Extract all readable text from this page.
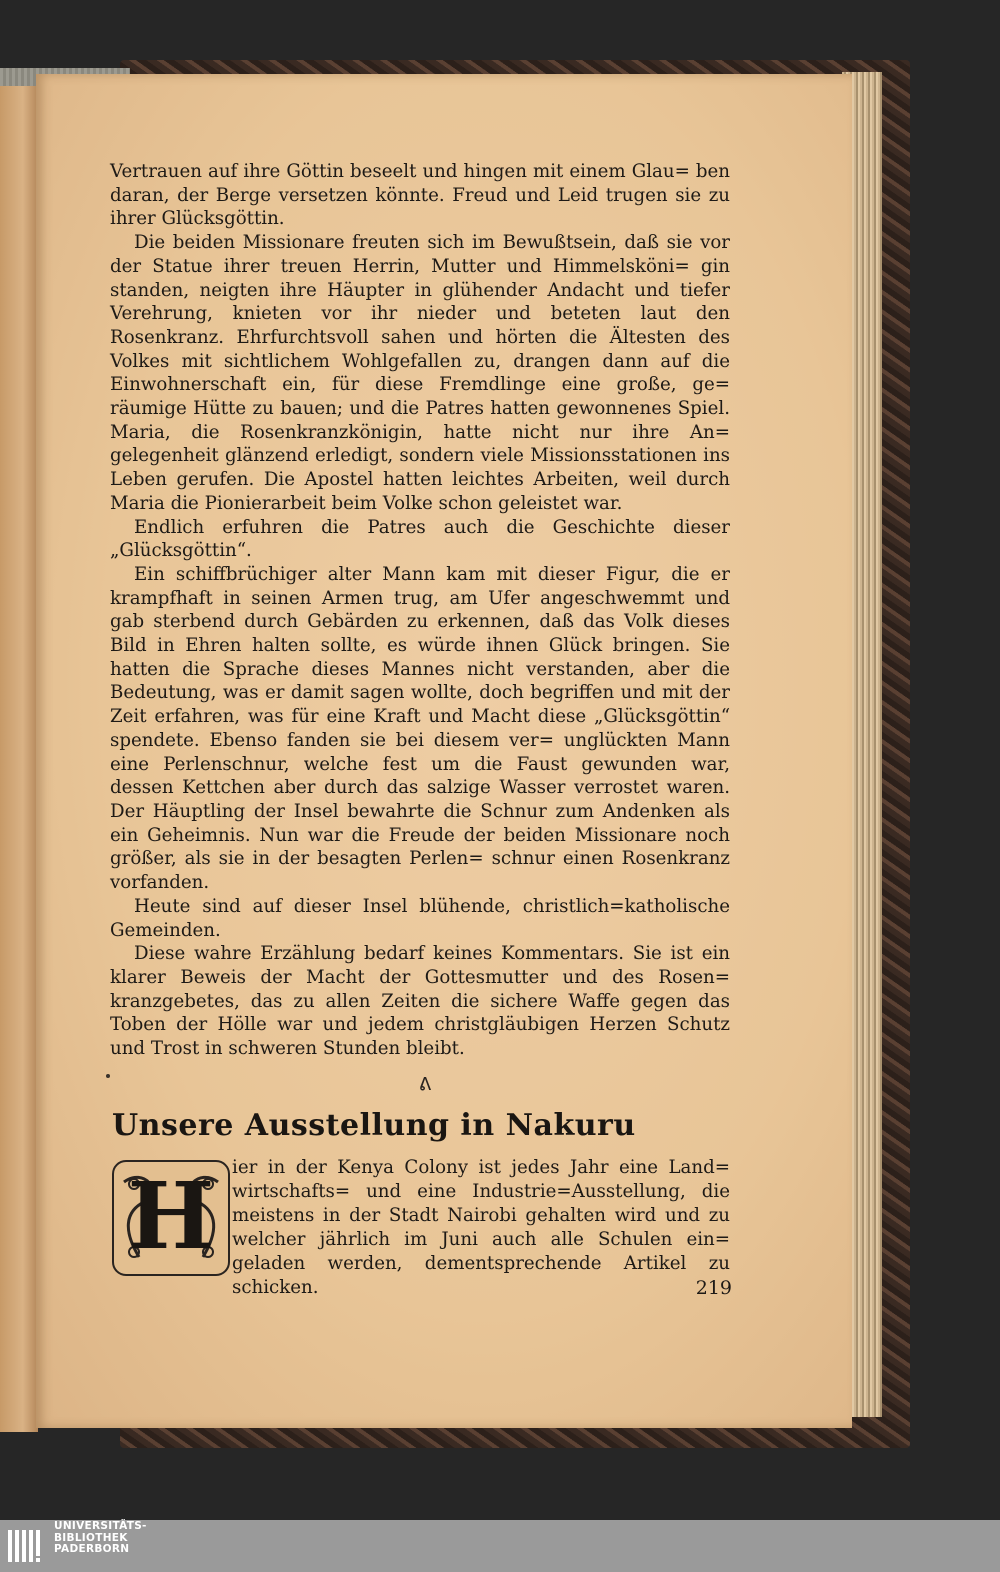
Vertrauen auf ihre Göttin beseelt und hingen mit einem Glau= ben daran, der Berge versetzen könnte. Freud und Leid trugen sie zu ihrer Glücksgöttin.

Die beiden Missionare freuten sich im Bewußtsein, daß sie vor der Statue ihrer treuen Herrin, Mutter und Himmelsköni= gin standen, neigten ihre Häupter in glühender Andacht und tiefer Verehrung, knieten vor ihr nieder und beteten laut den Rosenkranz. Ehrfurchtsvoll sahen und hörten die Ältesten des Volkes mit sichtlichem Wohlgefallen zu, drangen dann auf die Einwohnerschaft ein, für diese Fremdlinge eine große, ge= räumige Hütte zu bauen; und die Patres hatten gewonnenes Spiel. Maria, die Rosenkranzkönigin, hatte nicht nur ihre An= gelegenheit glänzend erledigt, sondern viele Missionsstationen ins Leben gerufen. Die Apostel hatten leichtes Arbeiten, weil durch Maria die Pionierarbeit beim Volke schon geleistet war.

Endlich erfuhren die Patres auch die Geschichte dieser „Glücksgöttin“.

Ein schiffbrüchiger alter Mann kam mit dieser Figur, die er krampfhaft in seinen Armen trug, am Ufer angeschwemmt und gab sterbend durch Gebärden zu erkennen, daß das Volk dieses Bild in Ehren halten sollte, es würde ihnen Glück bringen. Sie hatten die Sprache dieses Mannes nicht verstanden, aber die Bedeutung, was er damit sagen wollte, doch begriffen und mit der Zeit erfahren, was für eine Kraft und Macht diese „Glücksgöttin“ spendete. Ebenso fanden sie bei diesem ver= unglückten Mann eine Perlenschnur, welche fest um die Faust gewunden war, dessen Kettchen aber durch das salzige Wasser verrostet waren. Der Häuptling der Insel bewahrte die Schnur zum Andenken als ein Geheimnis. Nun war die Freude der beiden Missionare noch größer, als sie in der besagten Perlen= schnur einen Rosenkranz vorfanden.

Heute sind auf dieser Insel blühende, christlich=katholische Gemeinden.

Diese wahre Erzählung bedarf keines Kommentars. Sie ist ein klarer Beweis der Macht der Gottesmutter und des Rosen= kranzgebetes, das zu allen Zeiten die sichere Waffe gegen das Toben der Hölle war und jedem christgläubigen Herzen Schutz und Trost in schweren Stunden bleibt.

ᕕ
Unsere Ausstellung in Nakuru
H ier in der Kenya Colony ist jedes Jahr eine Land= wirtschafts= und eine Industrie=Ausstellung, die meistens in der Stadt Nairobi gehalten wird und zu welcher jährlich im Juni auch alle Schulen ein= geladen werden, dementsprechende Artikel zu schicken.	219
UNIVERSITÄTS-
BIBLIOTHEK
PADERBORN
